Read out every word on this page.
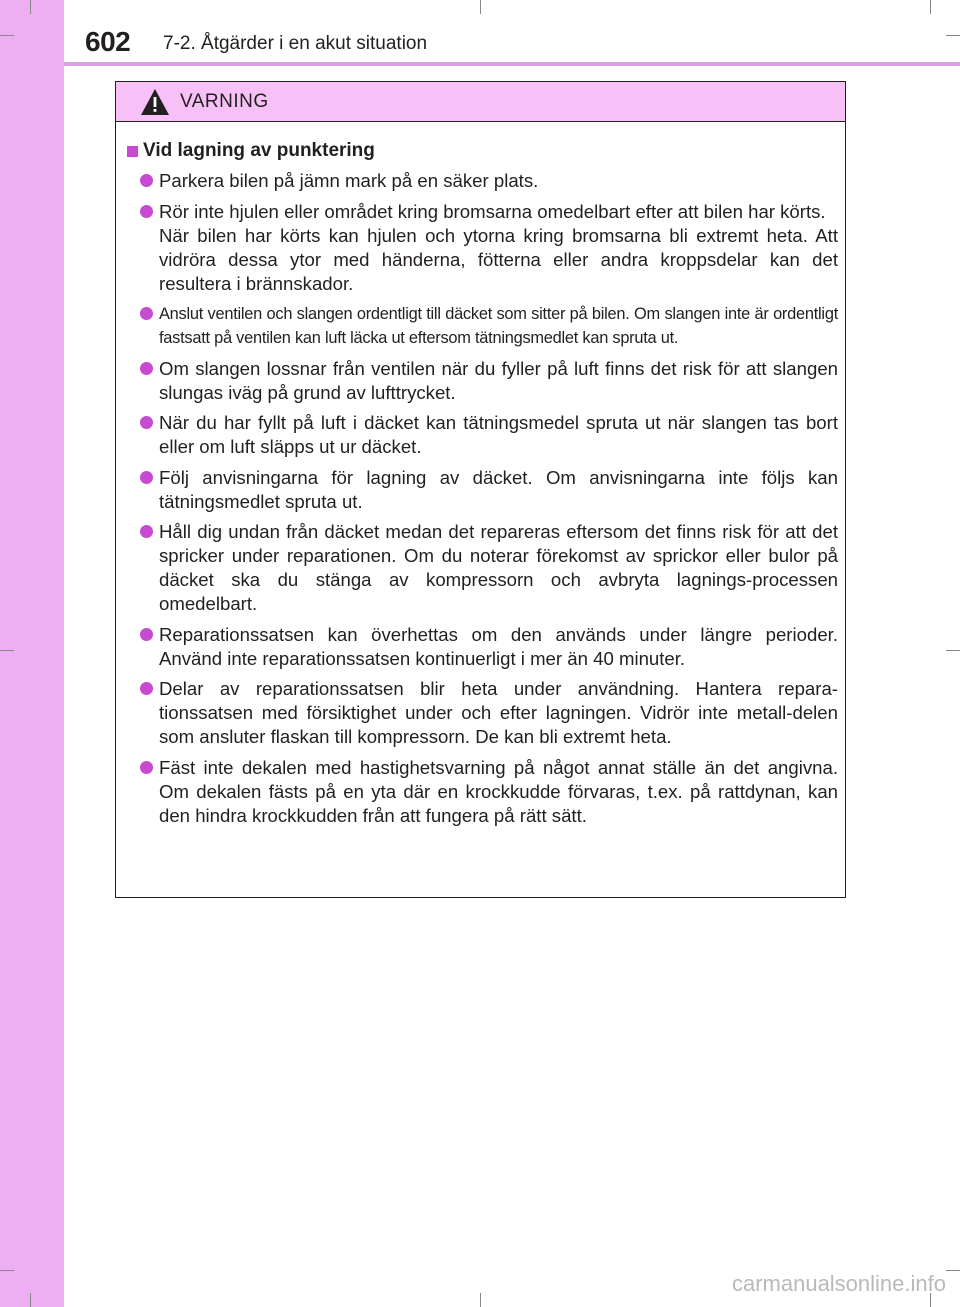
602 7-2. Åtgärder i en akut situation
VARNING
Vid lagning av punktering
Parkera bilen på jämn mark på en säker plats.
Rör inte hjulen eller området kring bromsarna omedelbart efter att bilen har körts.
När bilen har körts kan hjulen och ytorna kring bromsarna bli extremt heta. Att vidröra dessa ytor med händerna, fötterna eller andra kroppsdelar kan det resultera i brännskador.
Anslut ventilen och slangen ordentligt till däcket som sitter på bilen. Om slangen inte är ordentligt fastsatt på ventilen kan luft läcka ut eftersom tätningsmedlet kan spruta ut.
Om slangen lossnar från ventilen när du fyller på luft finns det risk för att slangen slungas iväg på grund av lufttrycket.
När du har fyllt på luft i däcket kan tätningsmedel spruta ut när slangen tas bort eller om luft släpps ut ur däcket.
Följ anvisningarna för lagning av däcket. Om anvisningarna inte följs kan tätningsmedlet spruta ut.
Håll dig undan från däcket medan det repareras eftersom det finns risk för att det spricker under reparationen. Om du noterar förekomst av sprickor eller bulor på däcket ska du stänga av kompressorn och avbryta lagnings-processen omedelbart.
Reparationssatsen kan överhettas om den används under längre perioder. Använd inte reparationssatsen kontinuerligt i mer än 40 minuter.
Delar av reparationssatsen blir heta under användning. Hantera repara-tionssatsen med försiktighet under och efter lagningen. Vidrör inte metall-delen som ansluter flaskan till kompressorn. De kan bli extremt heta.
Fäst inte dekalen med hastighetsvarning på något annat ställe än det angivna. Om dekalen fästs på en yta där en krockkudde förvaras, t.ex. på rattdynan, kan den hindra krockkudden från att fungera på rätt sätt.
carmanualsonline.info
